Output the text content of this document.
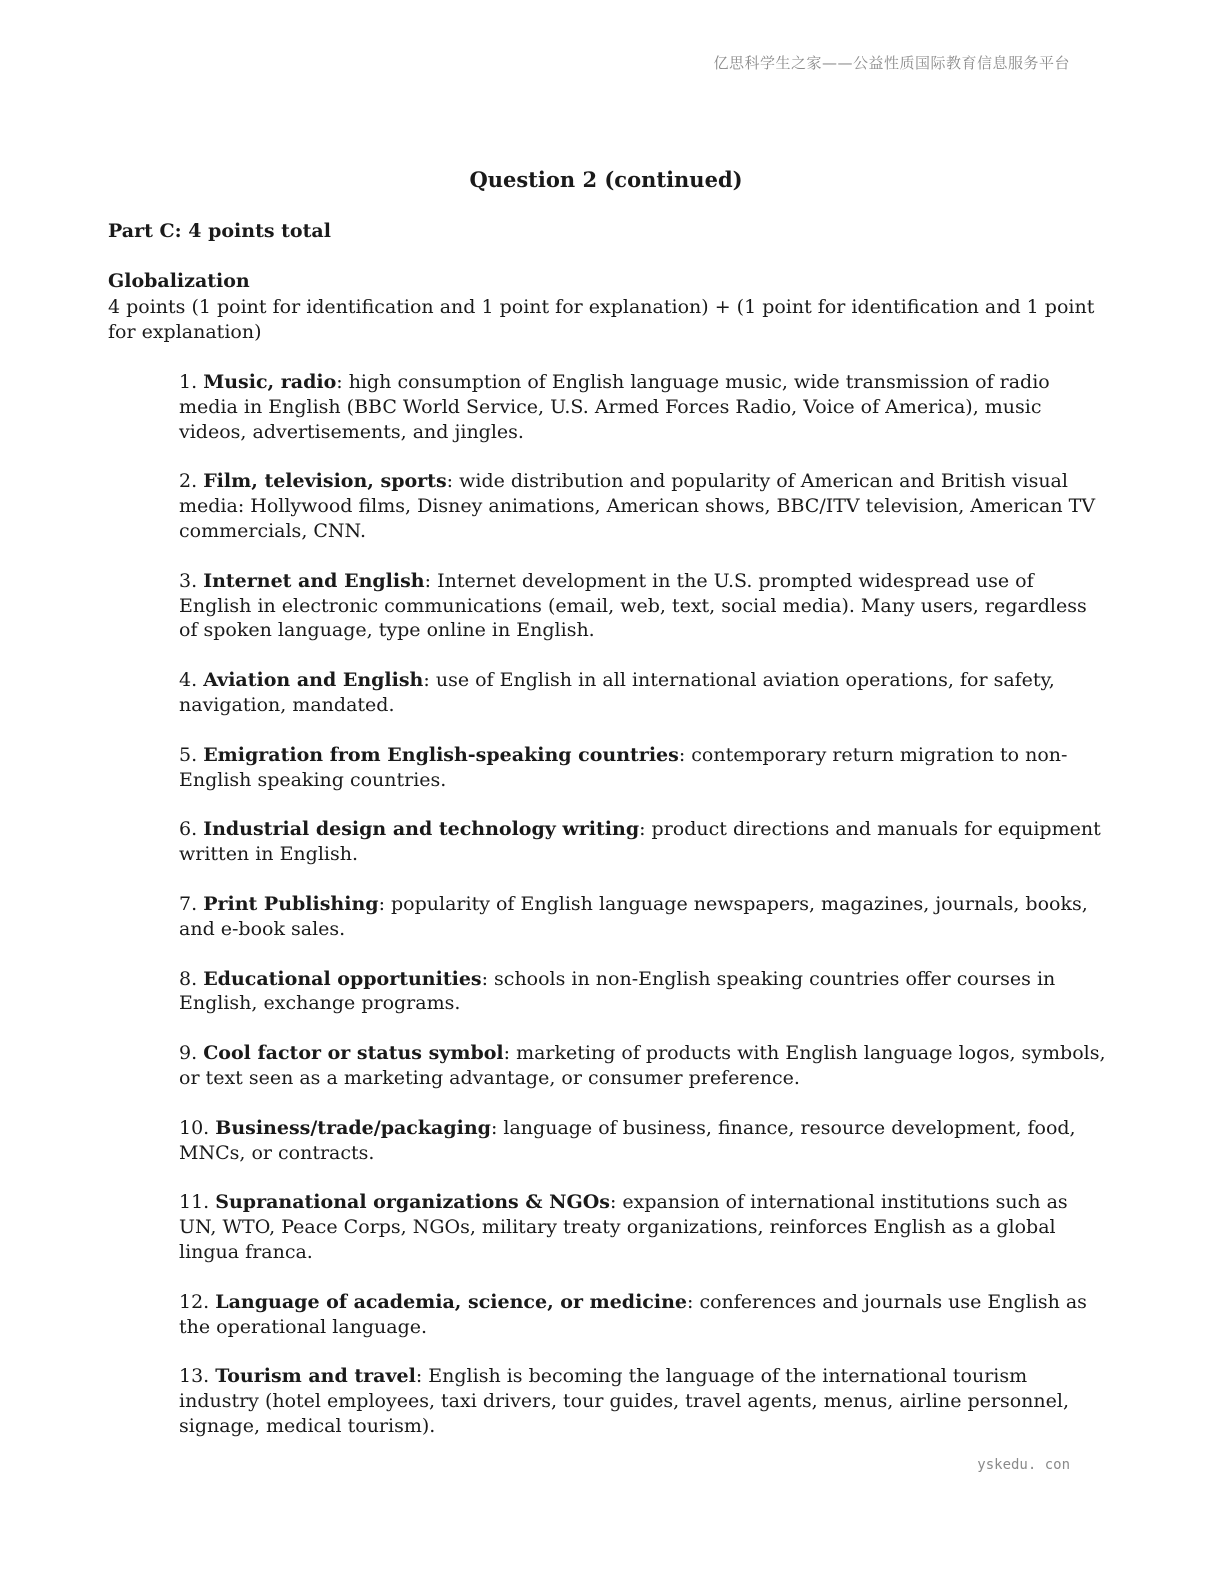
亿思科学生之家——公益性质国际教育信息服务平台
Question 2 (continued)
Part C: 4 points total
Globalization

4 points (1 point for identification and 1 point for explanation) + (1 point for identification and 1 point for explanation)

1. Music, radio: high consumption of English language music, wide transmission of radio media in English (BBC World Service, U.S. Armed Forces Radio, Voice of America), music videos, advertisements, and jingles.
2. Film, television, sports: wide distribution and popularity of American and British visual media: Hollywood films, Disney animations, American shows, BBC/ITV television, American TV commercials, CNN.
3. Internet and English: Internet development in the U.S. prompted widespread use of English in electronic communications (email, web, text, social media). Many users, regardless of spoken language, type online in English.
4. Aviation and English: use of English in all international aviation operations, for safety, navigation, mandated.
5. Emigration from English-speaking countries: contemporary return migration to non-English speaking countries.
6. Industrial design and technology writing: product directions and manuals for equipment written in English.
7. Print Publishing: popularity of English language newspapers, magazines, journals, books, and e-book sales.
8. Educational opportunities: schools in non-English speaking countries offer courses in English, exchange programs.
9. Cool factor or status symbol: marketing of products with English language logos, symbols, or text seen as a marketing advantage, or consumer preference.
10. Business/trade/packaging: language of business, finance, resource development, food, MNCs, or contracts.
11. Supranational organizations & NGOs: expansion of international institutions such as UN, WTO, Peace Corps, NGOs, military treaty organizations, reinforces English as a global lingua franca.
12. Language of academia, science, or medicine: conferences and journals use English as the operational language.
13. Tourism and travel: English is becoming the language of the international tourism industry (hotel employees, taxi drivers, tour guides, travel agents, menus, airline personnel, signage, medical tourism).
yskedu. con
